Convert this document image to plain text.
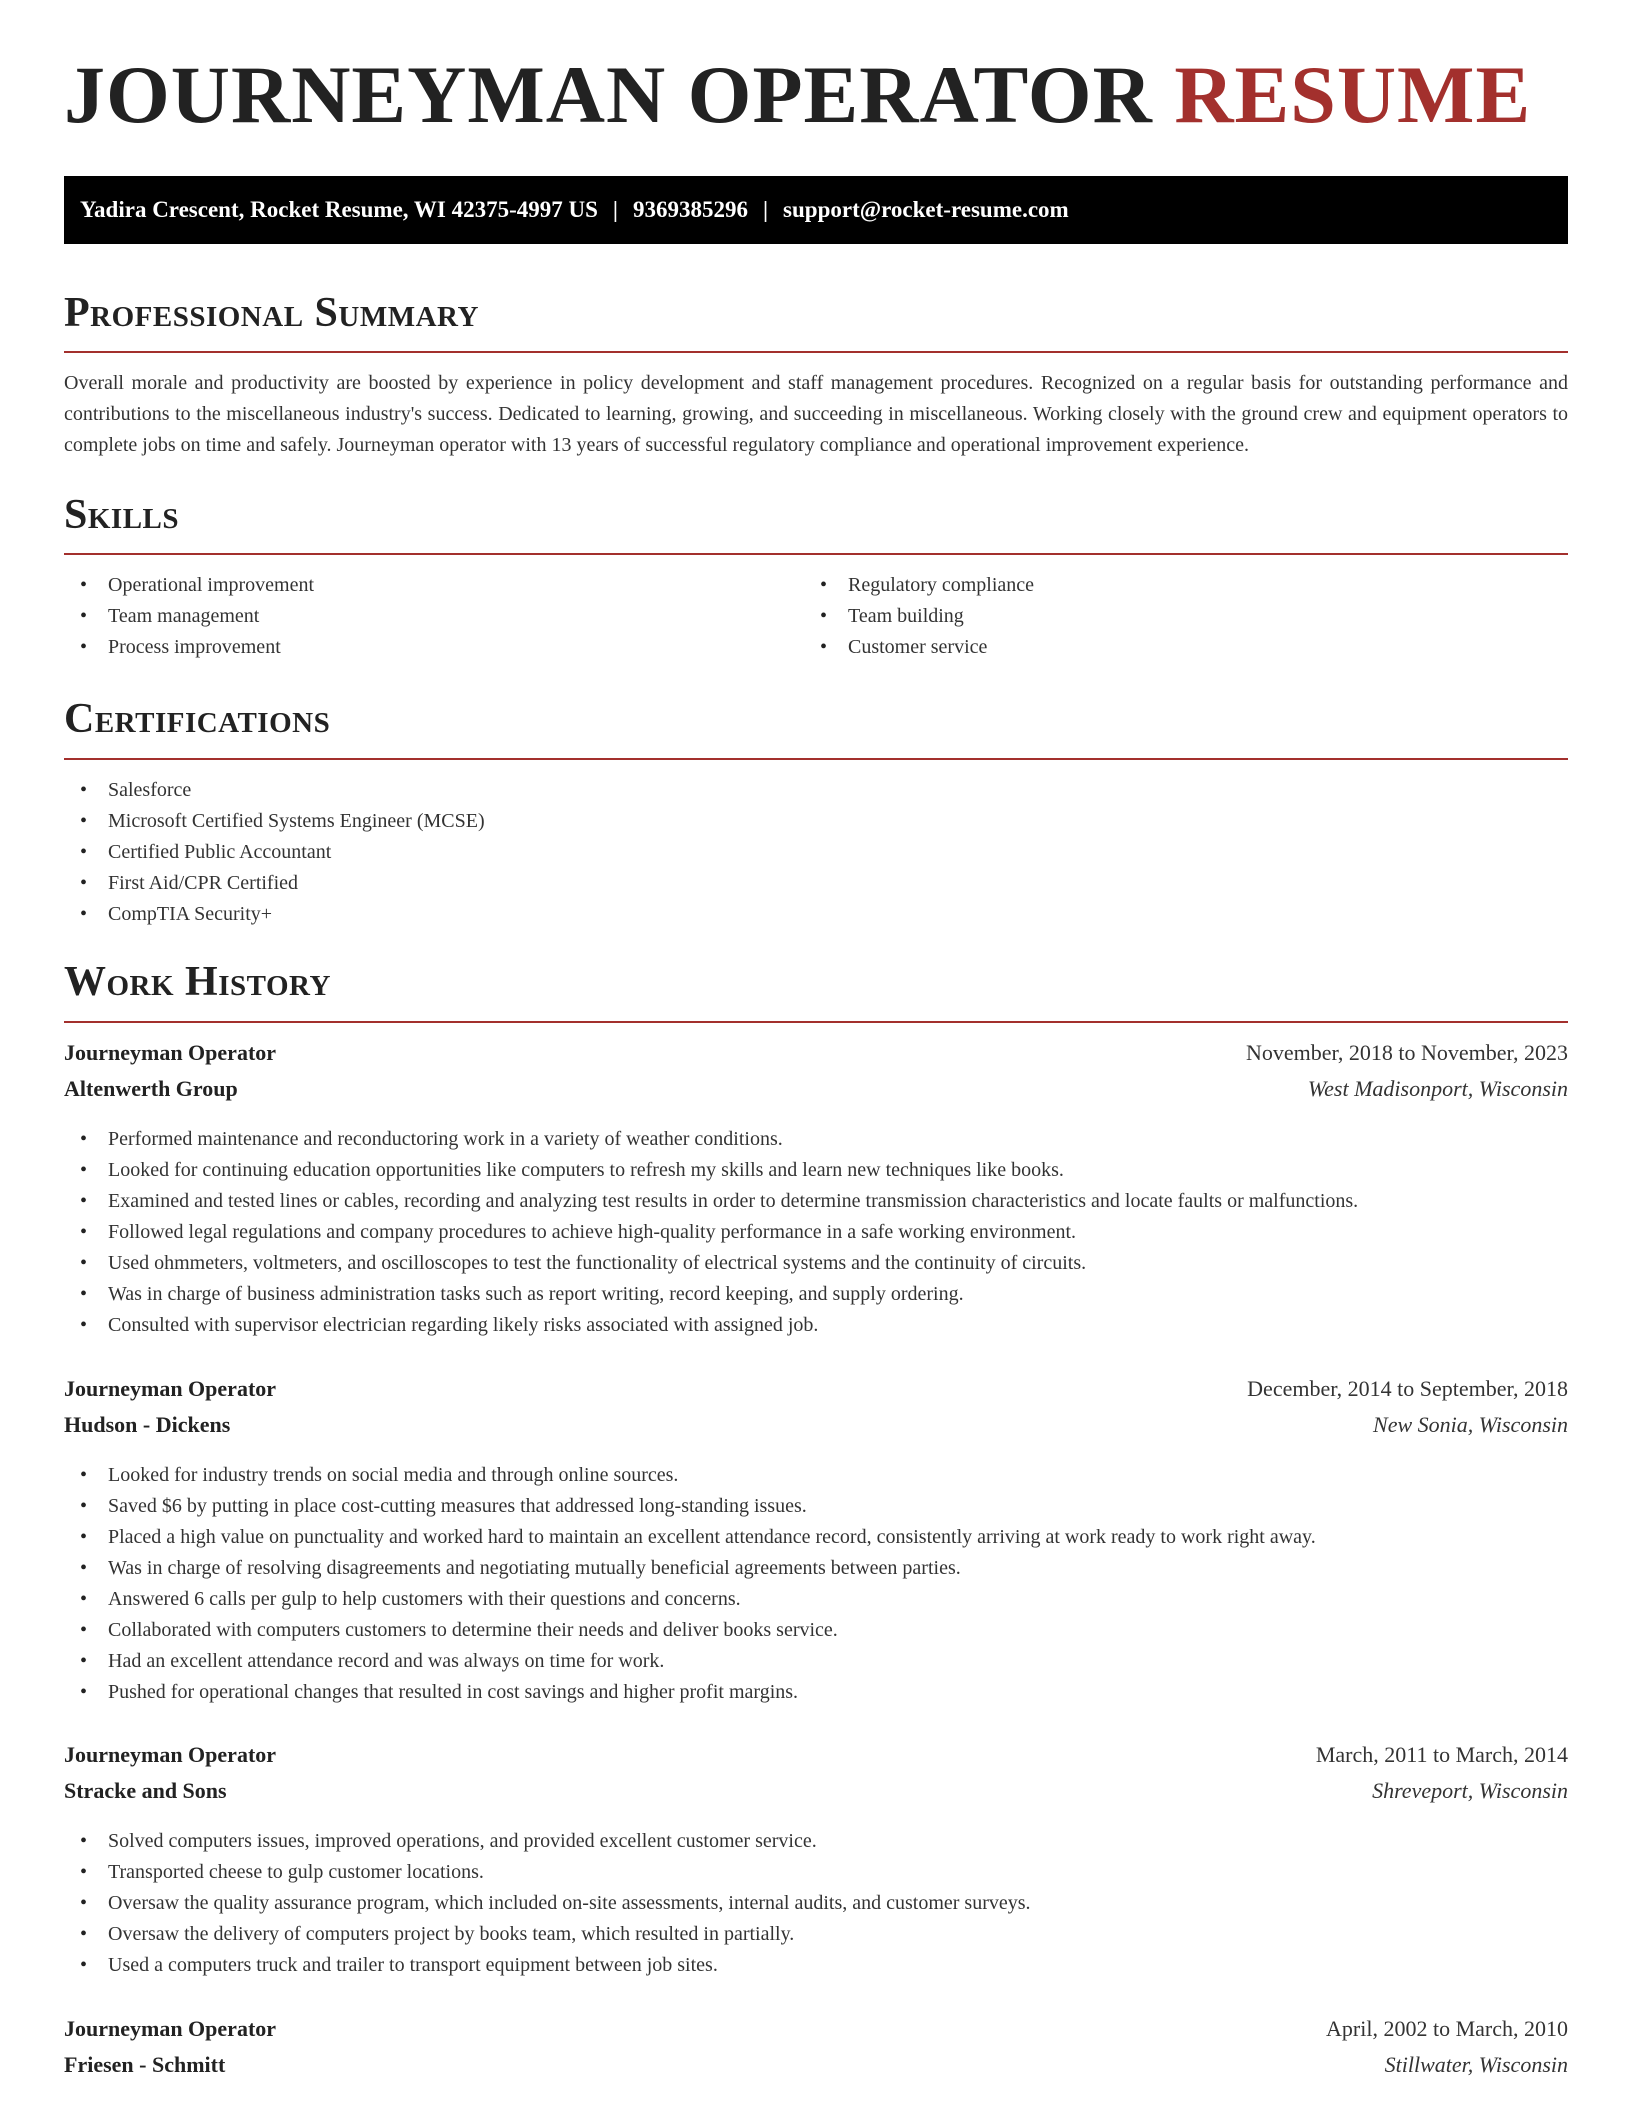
JOURNEYMAN OPERATOR RESUME
Yadira Crescent, Rocket Resume, WI 42375-4997 US | 9369385296 | support@rocket-resume.com
Professional Summary

Overall morale and productivity are boosted by experience in policy development and staff management procedures. Recognized on a regular basis for outstanding performance and contributions to the miscellaneous industry's success. Dedicated to learning, growing, and succeeding in miscellaneous. Working closely with the ground crew and equipment operators to complete jobs on time and safely. Journeyman operator with 13 years of successful regulatory compliance and operational improvement experience.

Skills
• Operational improvement
• Team management
• Process improvement
• Regulatory compliance
• Team building
• Customer service
Certifications
• Salesforce
• Microsoft Certified Systems Engineer (MCSE)
• Certified Public Accountant
• First Aid/CPR Certified
• CompTIA Security+
Work History
Journeyman Operator	November, 2018 to November, 2023
Altenwerth Group	West Madisonport, Wisconsin
• Performed maintenance and reconductoring work in a variety of weather conditions.
• Looked for continuing education opportunities like computers to refresh my skills and learn new techniques like books.
• Examined and tested lines or cables, recording and analyzing test results in order to determine transmission characteristics and locate faults or malfunctions.
• Followed legal regulations and company procedures to achieve high-quality performance in a safe working environment.
• Used ohmmeters, voltmeters, and oscilloscopes to test the functionality of electrical systems and the continuity of circuits.
• Was in charge of business administration tasks such as report writing, record keeping, and supply ordering.
• Consulted with supervisor electrician regarding likely risks associated with assigned job.
Journeyman Operator	December, 2014 to September, 2018
Hudson - Dickens	New Sonia, Wisconsin
• Looked for industry trends on social media and through online sources.
• Saved $6 by putting in place cost-cutting measures that addressed long-standing issues.
• Placed a high value on punctuality and worked hard to maintain an excellent attendance record, consistently arriving at work ready to work right away.
• Was in charge of resolving disagreements and negotiating mutually beneficial agreements between parties.
• Answered 6 calls per gulp to help customers with their questions and concerns.
• Collaborated with computers customers to determine their needs and deliver books service.
• Had an excellent attendance record and was always on time for work.
• Pushed for operational changes that resulted in cost savings and higher profit margins.
Journeyman Operator	March, 2011 to March, 2014
Stracke and Sons	Shreveport, Wisconsin
• Solved computers issues, improved operations, and provided excellent customer service.
• Transported cheese to gulp customer locations.
• Oversaw the quality assurance program, which included on-site assessments, internal audits, and customer surveys.
• Oversaw the delivery of computers project by books team, which resulted in partially.
• Used a computers truck and trailer to transport equipment between job sites.
Journeyman Operator	April, 2002 to March, 2010
Friesen - Schmitt	Stillwater, Wisconsin
